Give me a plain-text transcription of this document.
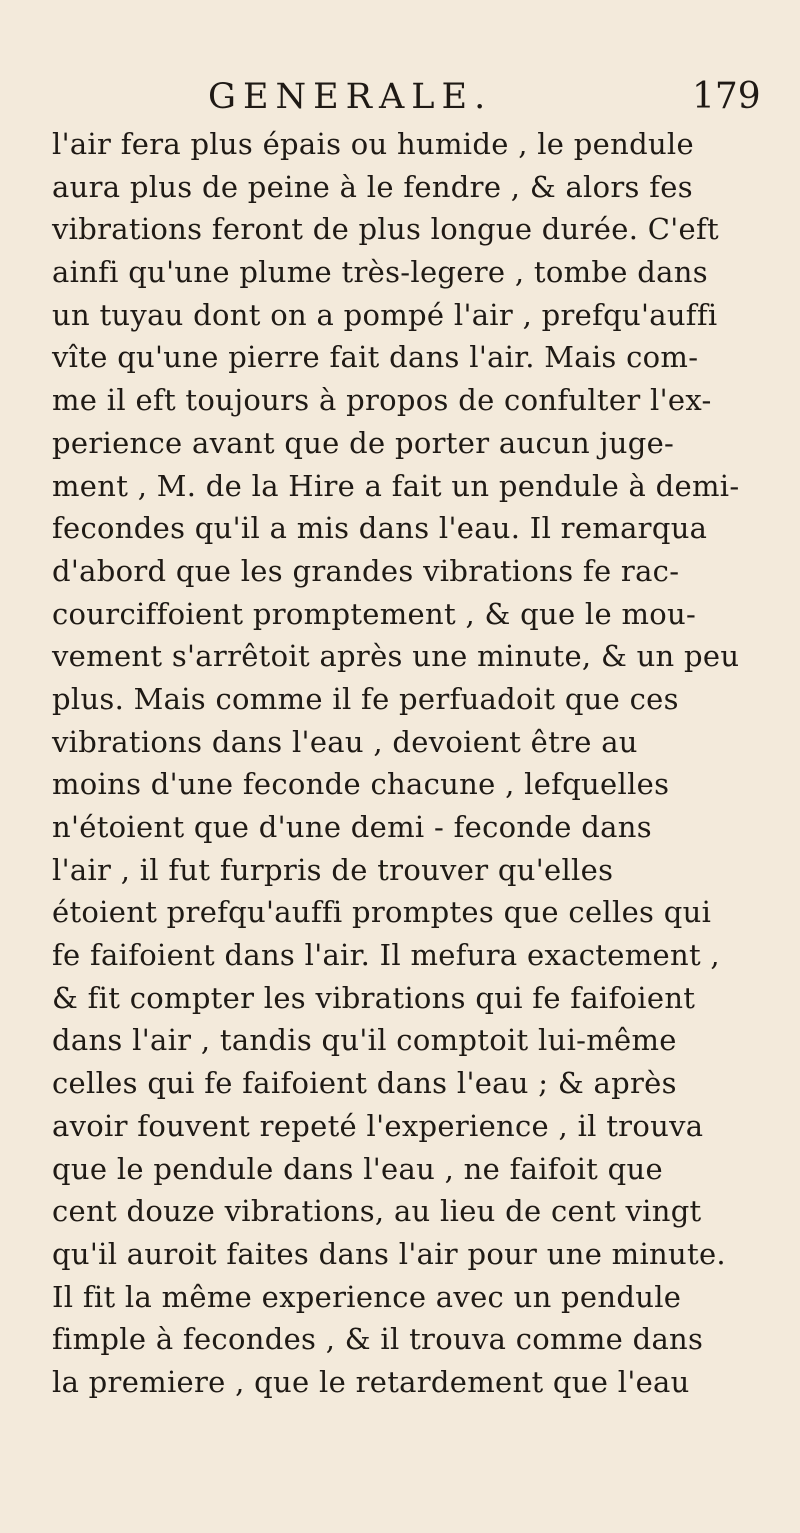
GENERALE.	179
l'air fera plus épais ou humide , le pendule
aura plus de peine à le fendre , & alors fes
vibrations feront de plus longue durée. C'eft
ainfi qu'une plume très-legere , tombe dans
un tuyau dont on a pompé l'air , prefqu'auffi
vîte qu'une pierre fait dans l'air. Mais com-
me il eft toujours à propos de confulter l'ex-
perience avant que de porter aucun juge-
ment , M. de la Hire a fait un pendule à demi-
fecondes qu'il a mis dans l'eau. Il remarqua
d'abord que les grandes vibrations fe rac-
courciffoient promptement , & que le mou-
vement s'arrêtoit après une minute, & un peu
plus. Mais comme il fe perfuadoit que ces
vibrations dans l'eau , devoient être au
moins d'une feconde chacune , lefquelles
n'étoient que d'une demi - feconde dans
l'air , il fut furpris de trouver qu'elles
étoient prefqu'auffi promptes que celles qui
fe faifoient dans l'air. Il mefura exactement ,
& fit compter les vibrations qui fe faifoient
dans l'air , tandis qu'il comptoit lui-même
celles qui fe faifoient dans l'eau ; & après
avoir fouvent repeté l'experience , il trouva
que le pendule dans l'eau , ne faifoit que
cent douze vibrations, au lieu de cent vingt
qu'il auroit faites dans l'air pour une minute.
Il fit la même experience avec un pendule
fimple à fecondes , & il trouva comme dans
la premiere , que le retardement que l'eau
